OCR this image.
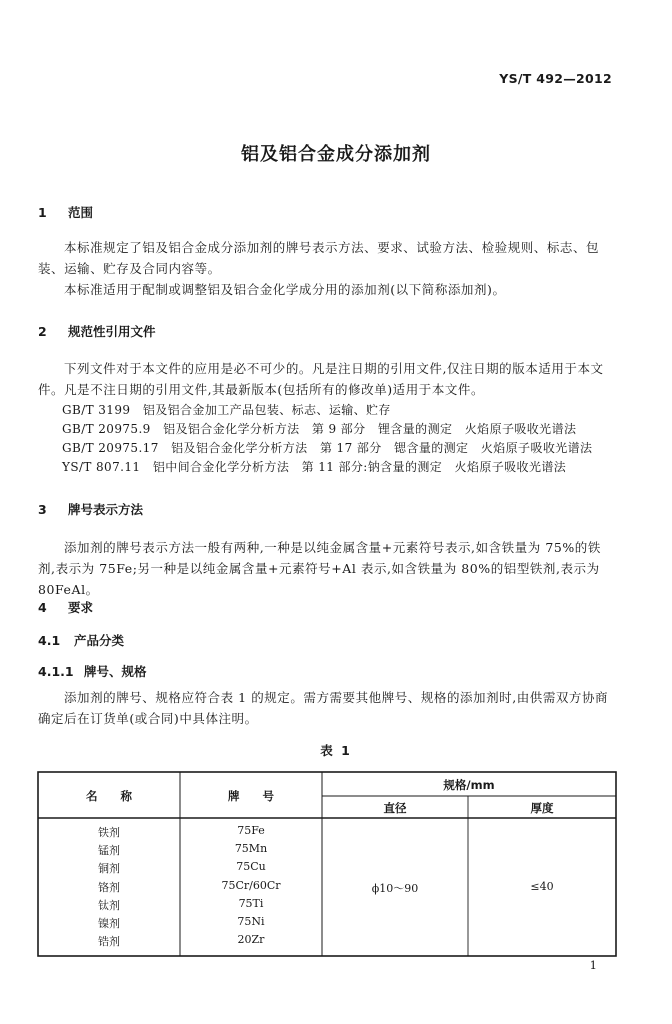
YS/T 492—2012
铝及铝合金成分添加剂
1 范围
本标准规定了铝及铝合金成分添加剂的牌号表示方法、要求、试验方法、检验规则、标志、包装、运输、贮存及合同内容等。
本标准适用于配制或调整铝及铝合金化学成分用的添加剂(以下简称添加剂)。
2 规范性引用文件
下列文件对于本文件的应用是必不可少的。凡是注日期的引用文件,仅注日期的版本适用于本文件。凡是不注日期的引用文件,其最新版本(包括所有的修改单)适用于本文件。
GB/T 3199　 铝及铝合金加工产品包装、标志、运输、贮存
GB/T 20975.9　 铝及铝合金化学分析方法　第 9 部分　锂含量的测定　火焰原子吸收光谱法
GB/T 20975.17　 铝及铝合金化学分析方法　第 17 部分　锶含量的测定　火焰原子吸收光谱法
YS/T 807.11　 铝中间合金化学分析方法　第 11 部分:钠含量的测定　火焰原子吸收光谱法
3 牌号表示方法
添加剂的牌号表示方法一般有两种,一种是以纯金属含量+元素符号表示,如含铁量为 75%的铁剂,表示为 75Fe;另一种是以纯金属含量+元素符号+Al 表示,如含铁量为 80%的铝型铁剂,表示为 80FeAl。
4 要求
4.1 产品分类
4.1.1 牌号、规格
添加剂的牌号、规格应符合表 1 的规定。需方需要其他牌号、规格的添加剂时,由供需双方协商确定后在订货单(或合同)中具体注明。
表 1
名　　称	牌　　号
规格/mm
直径	厚度
铁剂	75Fe
锰剂	75Mn
铜剂	75Cu
铬剂	75Cr/60Cr
钛剂	75Ti
镍剂	75Ni
锆剂	20Zr
ϕ10～90	≤40
1
